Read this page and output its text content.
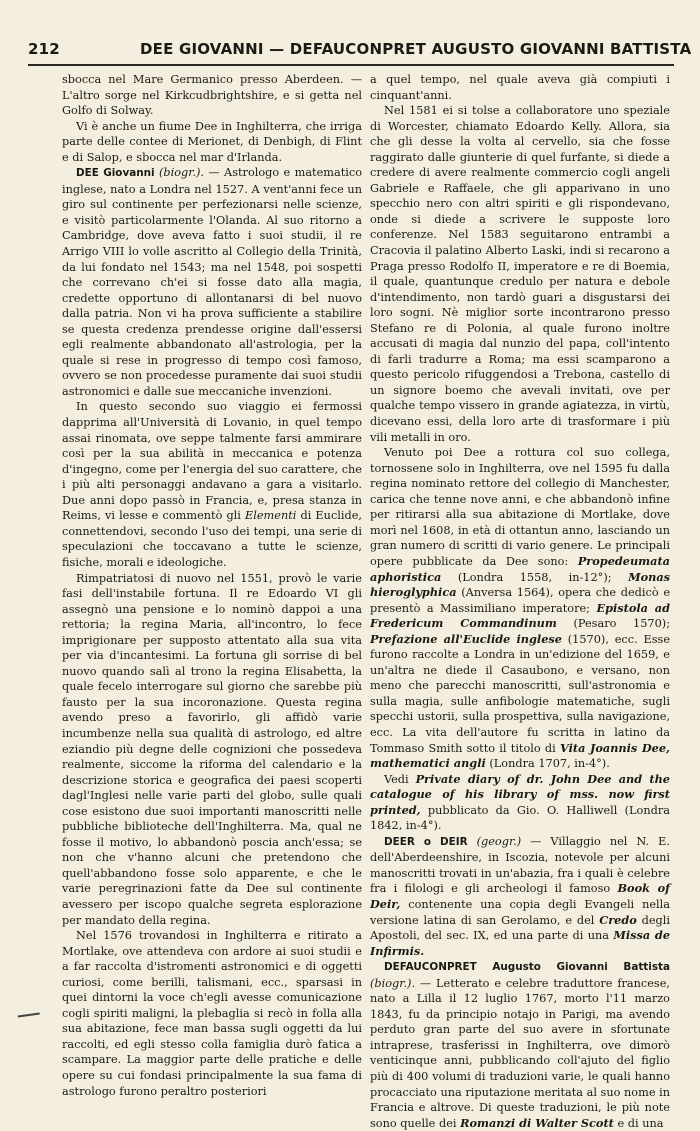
212	DEE GIOVANNI — DEFAUCONPRET AUGUSTO GIOVANNI BATTISTA

sbocca nel Mare Germanico presso Aberdeen. — L'altro sorge nel Kirkcudbrightshire, e si getta nel Golfo di Solway.

Vi è anche un fiume Dee in Inghilterra, che irriga parte delle contee di Merionet, di Denbigh, di Flint e di Salop, e sbocca nel mar d'Irlanda.

DEE Giovanni (biogr.). — Astrologo e matematico inglese, nato a Londra nel 1527. A vent'anni fece un giro sul continente per perfezionarsi nelle scienze, e visitò particolarmente l'Olanda. Al suo ritorno a Cambridge, dove aveva fatto i suoi studii, il re Arrigo VIII lo volle ascritto al Collegio della Trinità, da lui fondato nel 1543; ma nel 1548, poi sospetti che correvano ch'ei si fosse dato alla magia, credette opportuno di allontanarsi di bel nuovo dalla patria. Non vi ha prova sufficiente a stabilire se questa credenza prendesse origine dall'essersi egli realmente abbandonato all'astrologia, per la quale si rese in progresso di tempo così famoso, ovvero se non procedesse puramente dai suoi studii astronomici e dalle sue meccaniche invenzioni.

In questo secondo suo viaggio ei fermossi dapprima all'Università di Lovanio, in quel tempo assai rinomata, ove seppe talmente farsi ammirare così per la sua abilità in meccanica e potenza d'ingegno, come per l'energia del suo carattere, che i più alti personaggi andavano a gara a visitarlo. Due anni dopo passò in Francia, e, presa stanza in Reims, vi lesse e commentò gli Elementi di Euclide, connettendovi, secondo l'uso dei tempi, una serie di speculazioni che toccavano a tutte le scienze, fisiche, morali e ideologiche.

Rimpatriatosi di nuovo nel 1551, provò le varie fasi dell'instabile fortuna. Il re Edoardo VI gli assegnò una pensione e lo nominò dappoi a una rettoria; la regina Maria, all'incontro, lo fece imprigionare per supposto attentato alla sua vita per via d'incantesimi. La fortuna gli sorrise di bel nuovo quando salì al trono la regina Elisabetta, la quale fecelo interrogare sul giorno che sarebbe più fausto per la sua incoronazione. Questa regina avendo preso a favorirlo, gli affidò varie incumbenze nella sua qualità di astrologo, ed altre eziandio più degne delle cognizioni che possedeva realmente, siccome la riforma del calendario e la descrizione storica e geografica dei paesi scoperti dagl'Inglesi nelle varie parti del globo, sulle quali cose esistono due suoi importanti manoscritti nelle pubbliche biblioteche dell'Inghilterra. Ma, qual ne fosse il motivo, lo abbandonò poscia anch'essa; se non che v'hanno alcuni che pretendono che quell'abbandono fosse solo apparente, e che le varie peregrinazioni fatte da Dee sul continente avessero per iscopo qualche segreta esplorazione per mandato della regina.

Nel 1576 trovandosi in Inghilterra e ritirato a Mortlake, ove attendeva con ardore ai suoi studii e a far raccolta d'istromenti astronomici e di oggetti curiosi, come berilli, talismani, ecc., sparsasi in quei dintorni la voce ch'egli avesse comunicazione cogli spiriti maligni, la plebaglia si recò in folla alla sua abitazione, fece man bassa sugli oggetti da lui raccolti, ed egli stesso colla famiglia durò fatica a scampare. La maggior parte delle pratiche e delle opere su cui fondasi principalmente la sua fama di astrologo furono peraltro posteriori

a quel tempo, nel quale aveva già compiuti i cinquant'anni.

Nel 1581 ei si tolse a collaboratore uno speziale di Worcester, chiamato Edoardo Kelly. Allora, sia che gli desse la volta al cervello, sia che fosse raggirato dalle giunterie di quel furfante, si diede a credere di avere realmente commercio cogli angeli Gabriele e Raffaele, che gli apparivano in uno specchio nero con altri spiriti e gli rispondevano, onde si diede a scrivere le supposte loro conferenze. Nel 1583 seguitarono entrambi a Cracovia il palatino Alberto Laski, indi si recarono a Praga presso Rodolfo II, imperatore e re di Boemia, il quale, quantunque credulo per natura e debole d'intendimento, non tardò guari a disgustarsi dei loro sogni. Nè miglior sorte incontrarono presso Stefano re di Polonia, al quale furono inoltre accusati di magia dal nunzio del papa, coll'intento di farli tradurre a Roma; ma essi scamparono a questo pericolo rifuggendosi a Trebona, castello di un signore boemo che avevali invitati, ove per qualche tempo vissero in grande agiatezza, in virtù, dicevano essi, della loro arte di trasformare i più vili metalli in oro.

Venuto poi Dee a rottura col suo collega, tornossene solo in Inghilterra, ove nel 1595 fu dalla regina nominato rettore del collegio di Manchester, carica che tenne nove anni, e che abbandonò infine per ritirarsi alla sua abitazione di Mortlake, dove morì nel 1608, in età di ottantun anno, lasciando un gran numero di scritti di vario genere. Le principali opere pubblicate da Dee sono: Propedeumata aphoristica (Londra 1558, in-12°); Monas hieroglyphica (Anversa 1564), opera che dedicò e presentò a Massimiliano imperatore; Epistola ad Fredericum Commandinum (Pesaro 1570); Prefazione all'Euclide inglese (1570), ecc. Esse furono raccolte a Londra in un'edizione del 1659, e un'altra ne diede il Casaubono, e versano, non meno che parecchi manoscritti, sull'astronomia e sulla magia, sulle anfibologie matematiche, sugli specchi ustorii, sulla prospettiva, sulla navigazione, ecc. La vita dell'autore fu scritta in latino da Tommaso Smith sotto il titolo di Vita Joannis Dee, mathematici angli (Londra 1707, in-4°).

Vedi Private diary of dr. John Dee and the catalogue of his library of mss. now first printed, pubblicato da Gio. O. Halliwell (Londra 1842, in-4°).

DEER o DEIR (geogr.) — Villaggio nel N. E. dell'Aberdeenshire, in Iscozia, notevole per alcuni manoscritti trovati in un'abazia, fra i quali è celebre fra i filologi e gli archeologi il famoso Book of Deir, contenente una copia degli Evangeli nella versione latina di san Gerolamo, e del Credo degli Apostoli, del sec. IX, ed una parte di una Missa de Infirmis.

DEFAUCONPRET Augusto Giovanni Battista (biogr.). — Letterato e celebre traduttore francese, nato a Lilla il 12 luglio 1767, morto l'11 marzo 1843, fu da principio notajo in Parigi, ma avendo perduto gran parte del suo avere in sfortunate intraprese, trasferissi in Inghilterra, ove dimorò venticinque anni, pubblicando coll'ajuto del figlio più di 400 volumi di traduzioni varie, le quali hanno procacciato una riputazione meritata al suo nome in Francia e altrove. Di queste traduzioni, le più note sono quelle dei Romanzi di Walter Scott e di una
